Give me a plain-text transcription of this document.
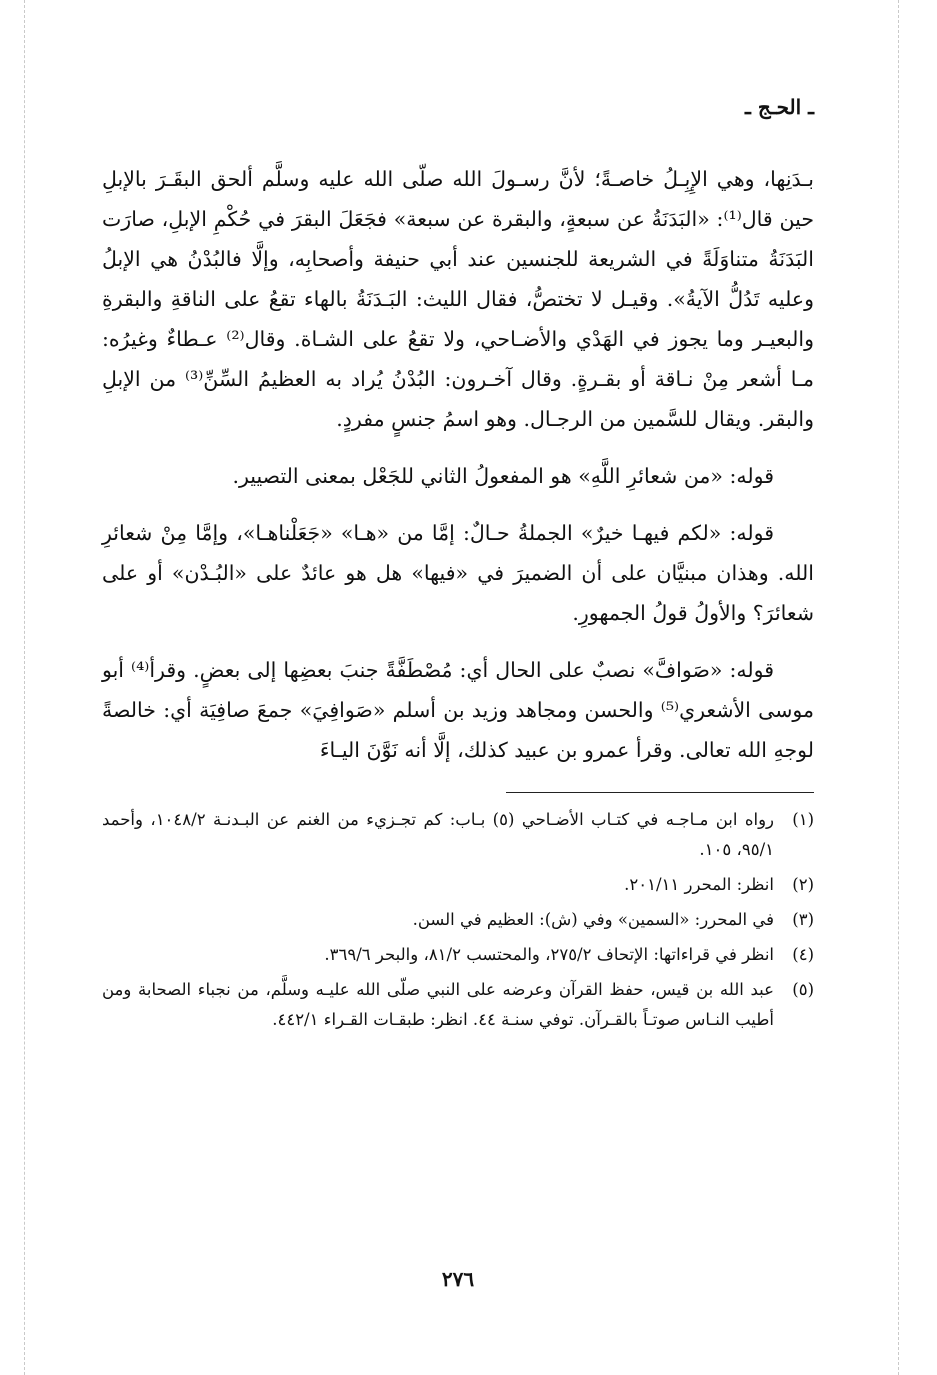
ـ الحـج ـ

بـدَنِها، وهي الإِبِـلُ خاصـةً؛ لأنَّ رسـولَ الله صلّى الله عليه وسلَّم ألحق البقَـرَ بالإبلِ حين قال⁽¹⁾: «البَدَنَةُ عن سبعةٍ، والبقرة عن سبعة» فجَعَلَ البقرَ في حُكْمِ الإبلِ، صارَت البَدَنَةُ متناوَلَةً في الشريعة للجنسين عند أبي حنيفة وأصحابِه، وإلَّا فالبُدْنُ هي الإبلُ وعليه تَدُلُّ الآيةُ». وقيـل لا تختصُّ، فقال الليث: البَـدَنَةُ بالهاء تقعُ على الناقةِ والبقرةِ والبعيـر وما يجوز في الهَدْي والأضـاحي، ولا تقعُ على الشـاة. وقال⁽²⁾ عـطاءٌ وغيرُه: مـا أشعر مِنْ نـاقة أو بقـرةٍ. وقال آخـرون: البُدْنُ يُراد به العظيمُ السِّنِّ⁽³⁾ من الإبلِ والبقر. ويقال للسَّمين من الرجـال. وهو اسمُ جنسٍ مفردٍ.

قوله: «من شعائرِ اللَّهِ» هو المفعولُ الثاني للجَعْل بمعنى التصيير.

قوله: «لكم فيهـا خيرٌ» الجملةُ حـالٌ: إمَّا من «هـا» «جَعَلْناهـا»، وإمَّا مِنْ شعائرِ الله. وهذان مبنيَّان على أن الضميرَ في «فيها» هل هو عائدٌ على «البُـدْن» أو على شعائرَ؟ والأولُ قولُ الجمهورِ.

قوله: «صَوافَّ» نصبٌ على الحال أي: مُصْطَفَّةً جنبَ بعضِها إلى بعضٍ. وقرأ⁽⁴⁾ أبو موسى الأشعري⁽⁵⁾ والحسن ومجاهد وزيد بن أسلم «صَوافِيَ» جمعَ صافِيَة أي: خالصةً لوجهِ الله تعالى. وقرأ عمرو بن عبيد كذلك، إلَّا أنه نَوَّنَ اليـاءَ

(١)
رواه ابن مـاجـه في كتـاب الأضـاحي (٥) بـاب: كم تجـزيء من الغنم عن البـدنـة ١٠٤٨/٢، وأحمد ٩٥/١، ١٠٥.
(٢)
انظر: المحرر ٢٠١/١١.
(٣)
في المحرر: «السمين» وفي (ش): العظيم في السن.
(٤)
انظر في قراءاتها: الإتحاف ٢٧٥/٢، والمحتسب ٨١/٢، والبحر ٣٦٩/٦.
(٥)
عبد الله بن قيس، حفظ القرآن وعرضه على النبي صلّى الله عليـه وسلَّم، من نجباء الصحابة ومن أطيب النـاس صوتـاً بالقـرآن. توفي سنـة ٤٤. انظر: طبقـات القـراء ٤٤٢/١.
٢٧٦
